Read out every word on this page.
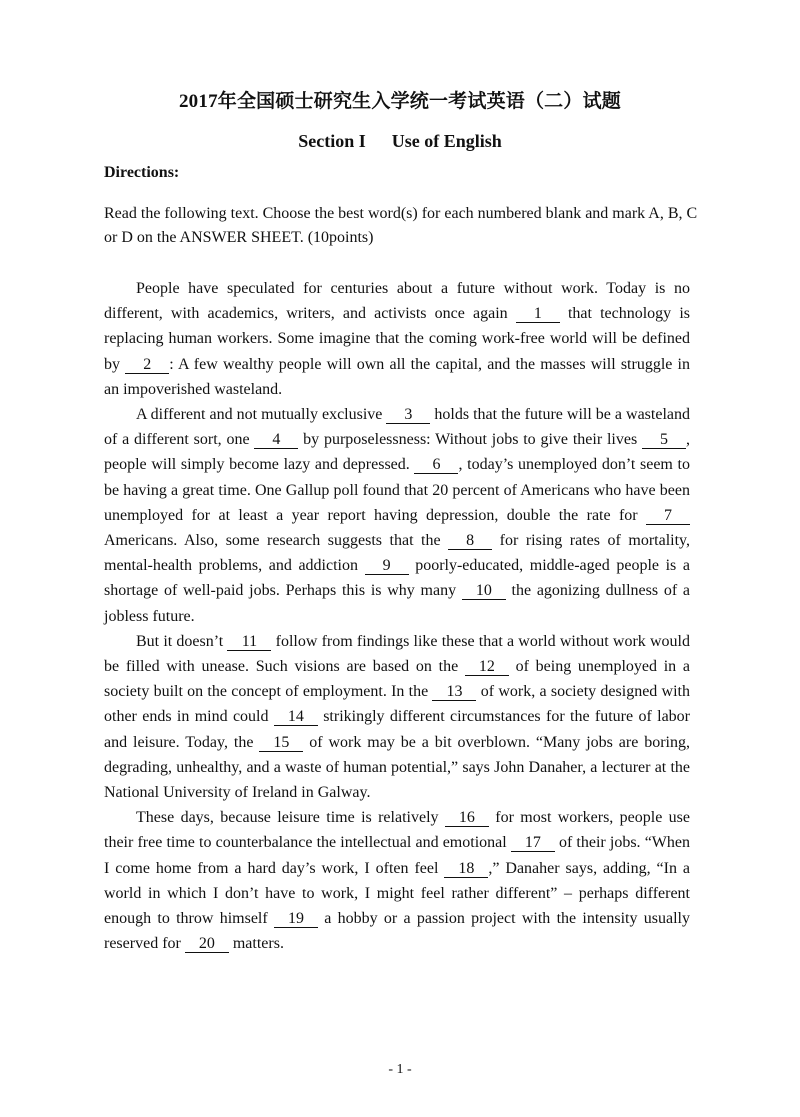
2017年全国硕士研究生入学统一考试英语（二）试题
Section I Use of English
Directions:
Read the following text. Choose the best word(s) for each numbered blank and mark A, B, C or D on the ANSWER SHEET. (10points)

People have speculated for centuries about a future without work. Today is no different, with academics, writers, and activists once again 1 that technology is replacing human workers. Some imagine that the coming work-free world will be defined by 2 : A few wealthy people will own all the capital, and the masses will struggle in an impoverished wasteland.

A different and not mutually exclusive 3 holds that the future will be a wasteland of a different sort, one 4 by purposelessness: Without jobs to give their lives 5 , people will simply become lazy and depressed. 6 , today’s unemployed don’t seem to be having a great time. One Gallup poll found that 20 percent of Americans who have been unemployed for at least a year report having depression, double the rate for 7 Americans. Also, some research suggests that the 8 for rising rates of mortality, mental-health problems, and addiction 9 poorly-educated, middle-aged people is a shortage of well-paid jobs. Perhaps this is why many 10 the agonizing dullness of a jobless future.

But it doesn’t 11 follow from findings like these that a world without work would be filled with unease. Such visions are based on the 12 of being unemployed in a society built on the concept of employment. In the 13 of work, a society designed with other ends in mind could 14 strikingly different circumstances for the future of labor and leisure. Today, the 15 of work may be a bit overblown. “Many jobs are boring, degrading, unhealthy, and a waste of human potential,” says John Danaher, a lecturer at the National University of Ireland in Galway.

These days, because leisure time is relatively 16 for most workers, people use their free time to counterbalance the intellectual and emotional 17 of their jobs. “When I come home from a hard day’s work, I often feel 18 ,” Danaher says, adding, “In a world in which I don’t have to work, I might feel rather different” – perhaps different enough to throw himself 19 a hobby or a passion project with the intensity usually reserved for 20 matters.

- 1 -
